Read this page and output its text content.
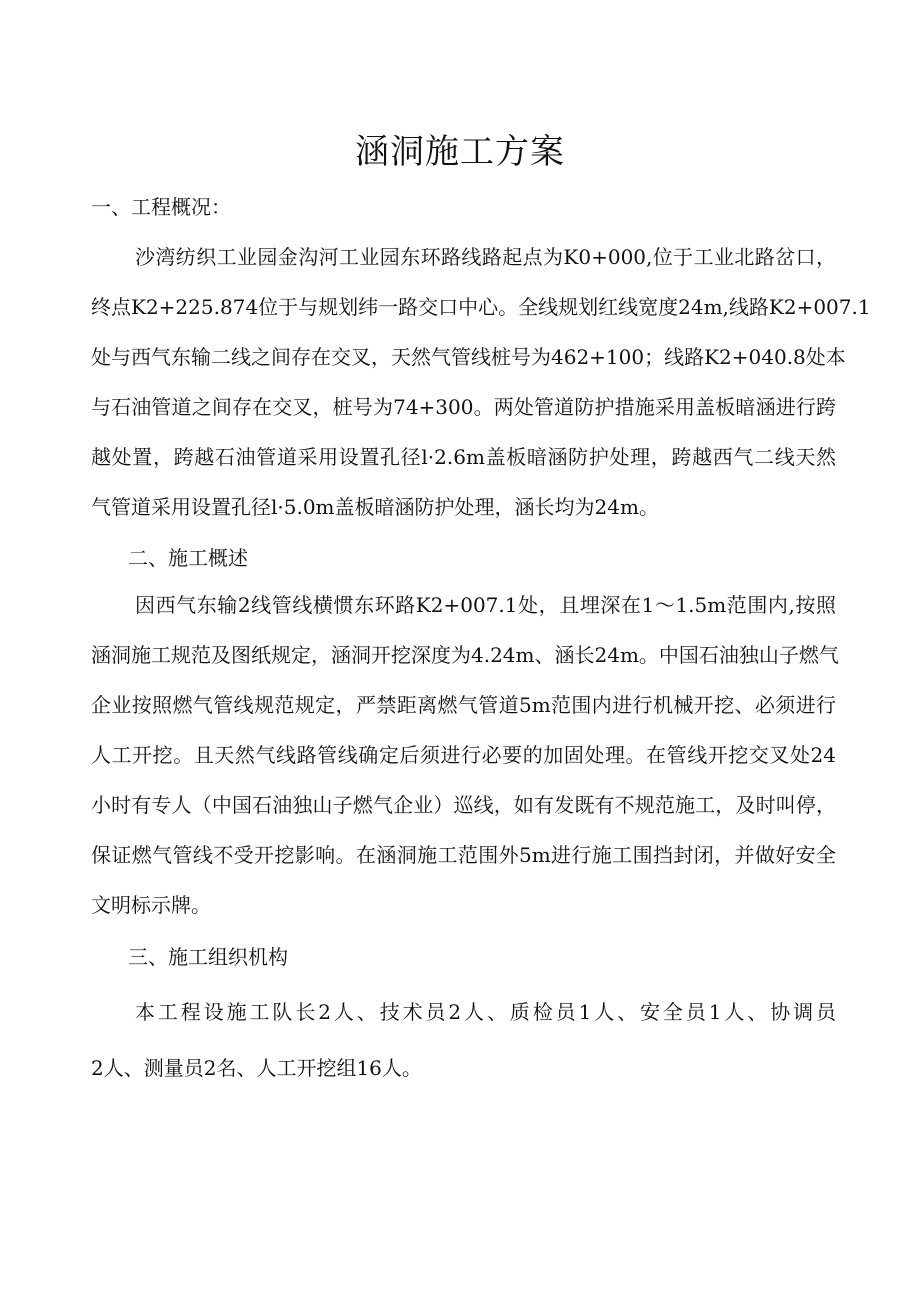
涵洞施工方案
一、工程概况：
沙湾纺织工业园金沟河工业园东环路线路起点为K0+000,位于工业北路岔口，
终点K2+225.874位于与规划纬一路交口中心。全线规划红线宽度24m,线路K2+007.1
处与西气东输二线之间存在交叉，天然气管线桩号为462+100；线路K2+040.8处本
与石油管道之间存在交叉，桩号为74+300。两处管道防护措施采用盖板暗涵进行跨
越处置，跨越石油管道采用设置孔径l·2.6m盖板暗涵防护处理，跨越西气二线天然
气管道采用设置孔径l·5.0m盖板暗涵防护处理，涵长均为24m。
二、施工概述
因西气东输2线管线横惯东环路K2+007.1处，且埋深在1～1.5m范围内,按照
涵洞施工规范及图纸规定，涵洞开挖深度为4.24m、涵长24m。中国石油独山子燃气
企业按照燃气管线规范规定，严禁距离燃气管道5m范围内进行机械开挖、必须进行
人工开挖。且天然气线路管线确定后须进行必要的加固处理。在管线开挖交叉处24
小时有专人（中国石油独山子燃气企业）巡线，如有发既有不规范施工，及时叫停，
保证燃气管线不受开挖影响。在涵洞施工范围外5m进行施工围挡封闭，并做好安全
文明标示牌。
三、施工组织机构
本工程设施工队长2人、技术员2人、质检员1人、安全员1人、协调员
2人、测量员2名、人工开挖组16人。
